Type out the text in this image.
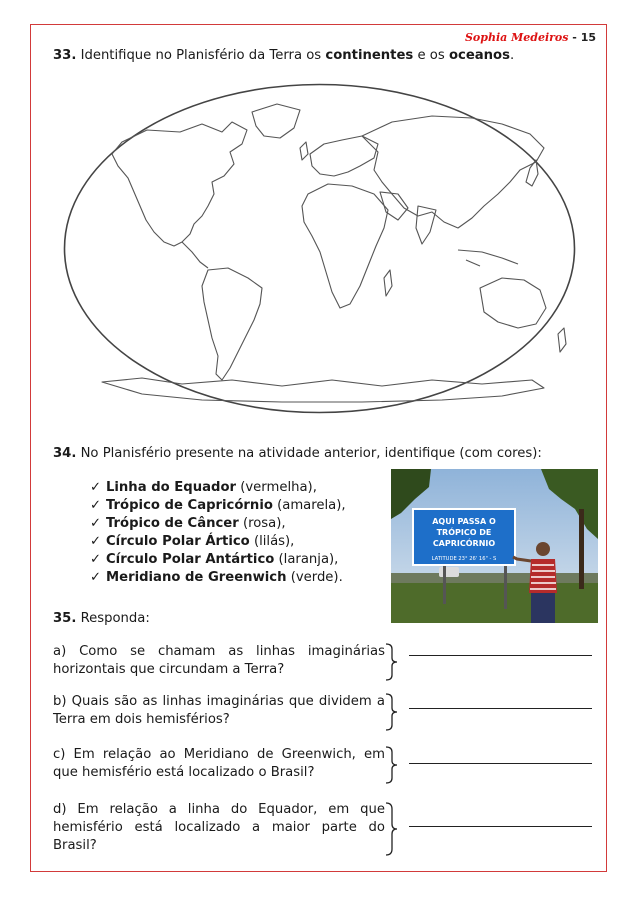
Sophia Medeiros - 15
33. Identifique no Planisfério da Terra os continentes e os oceanos.
34. No Planisfério presente na atividade anterior, identifique (com cores):
✓ Linha do Equador (vermelha),
✓ Trópico de Capricórnio (amarela),
✓ Trópico de Câncer (rosa),
✓ Círculo Polar Ártico (lilás),
✓ Círculo Polar Antártico (laranja),
✓ Meridiano de Greenwich (verde).
AQUI PASSA O
TRÓPICO DE
CAPRICÓRNIO
LATITUDE 23° 26' 16" - S
35. Responda:
a) Como se chamam as linhas imaginárias horizontais que circundam a Terra?
b) Quais são as linhas imaginárias que dividem a Terra em dois hemisférios?
c) Em relação ao Meridiano de Greenwich, em que hemisfério está localizado o Brasil?
d) Em relação a linha do Equador, em que hemisfério está localizado a maior parte do Brasil?
